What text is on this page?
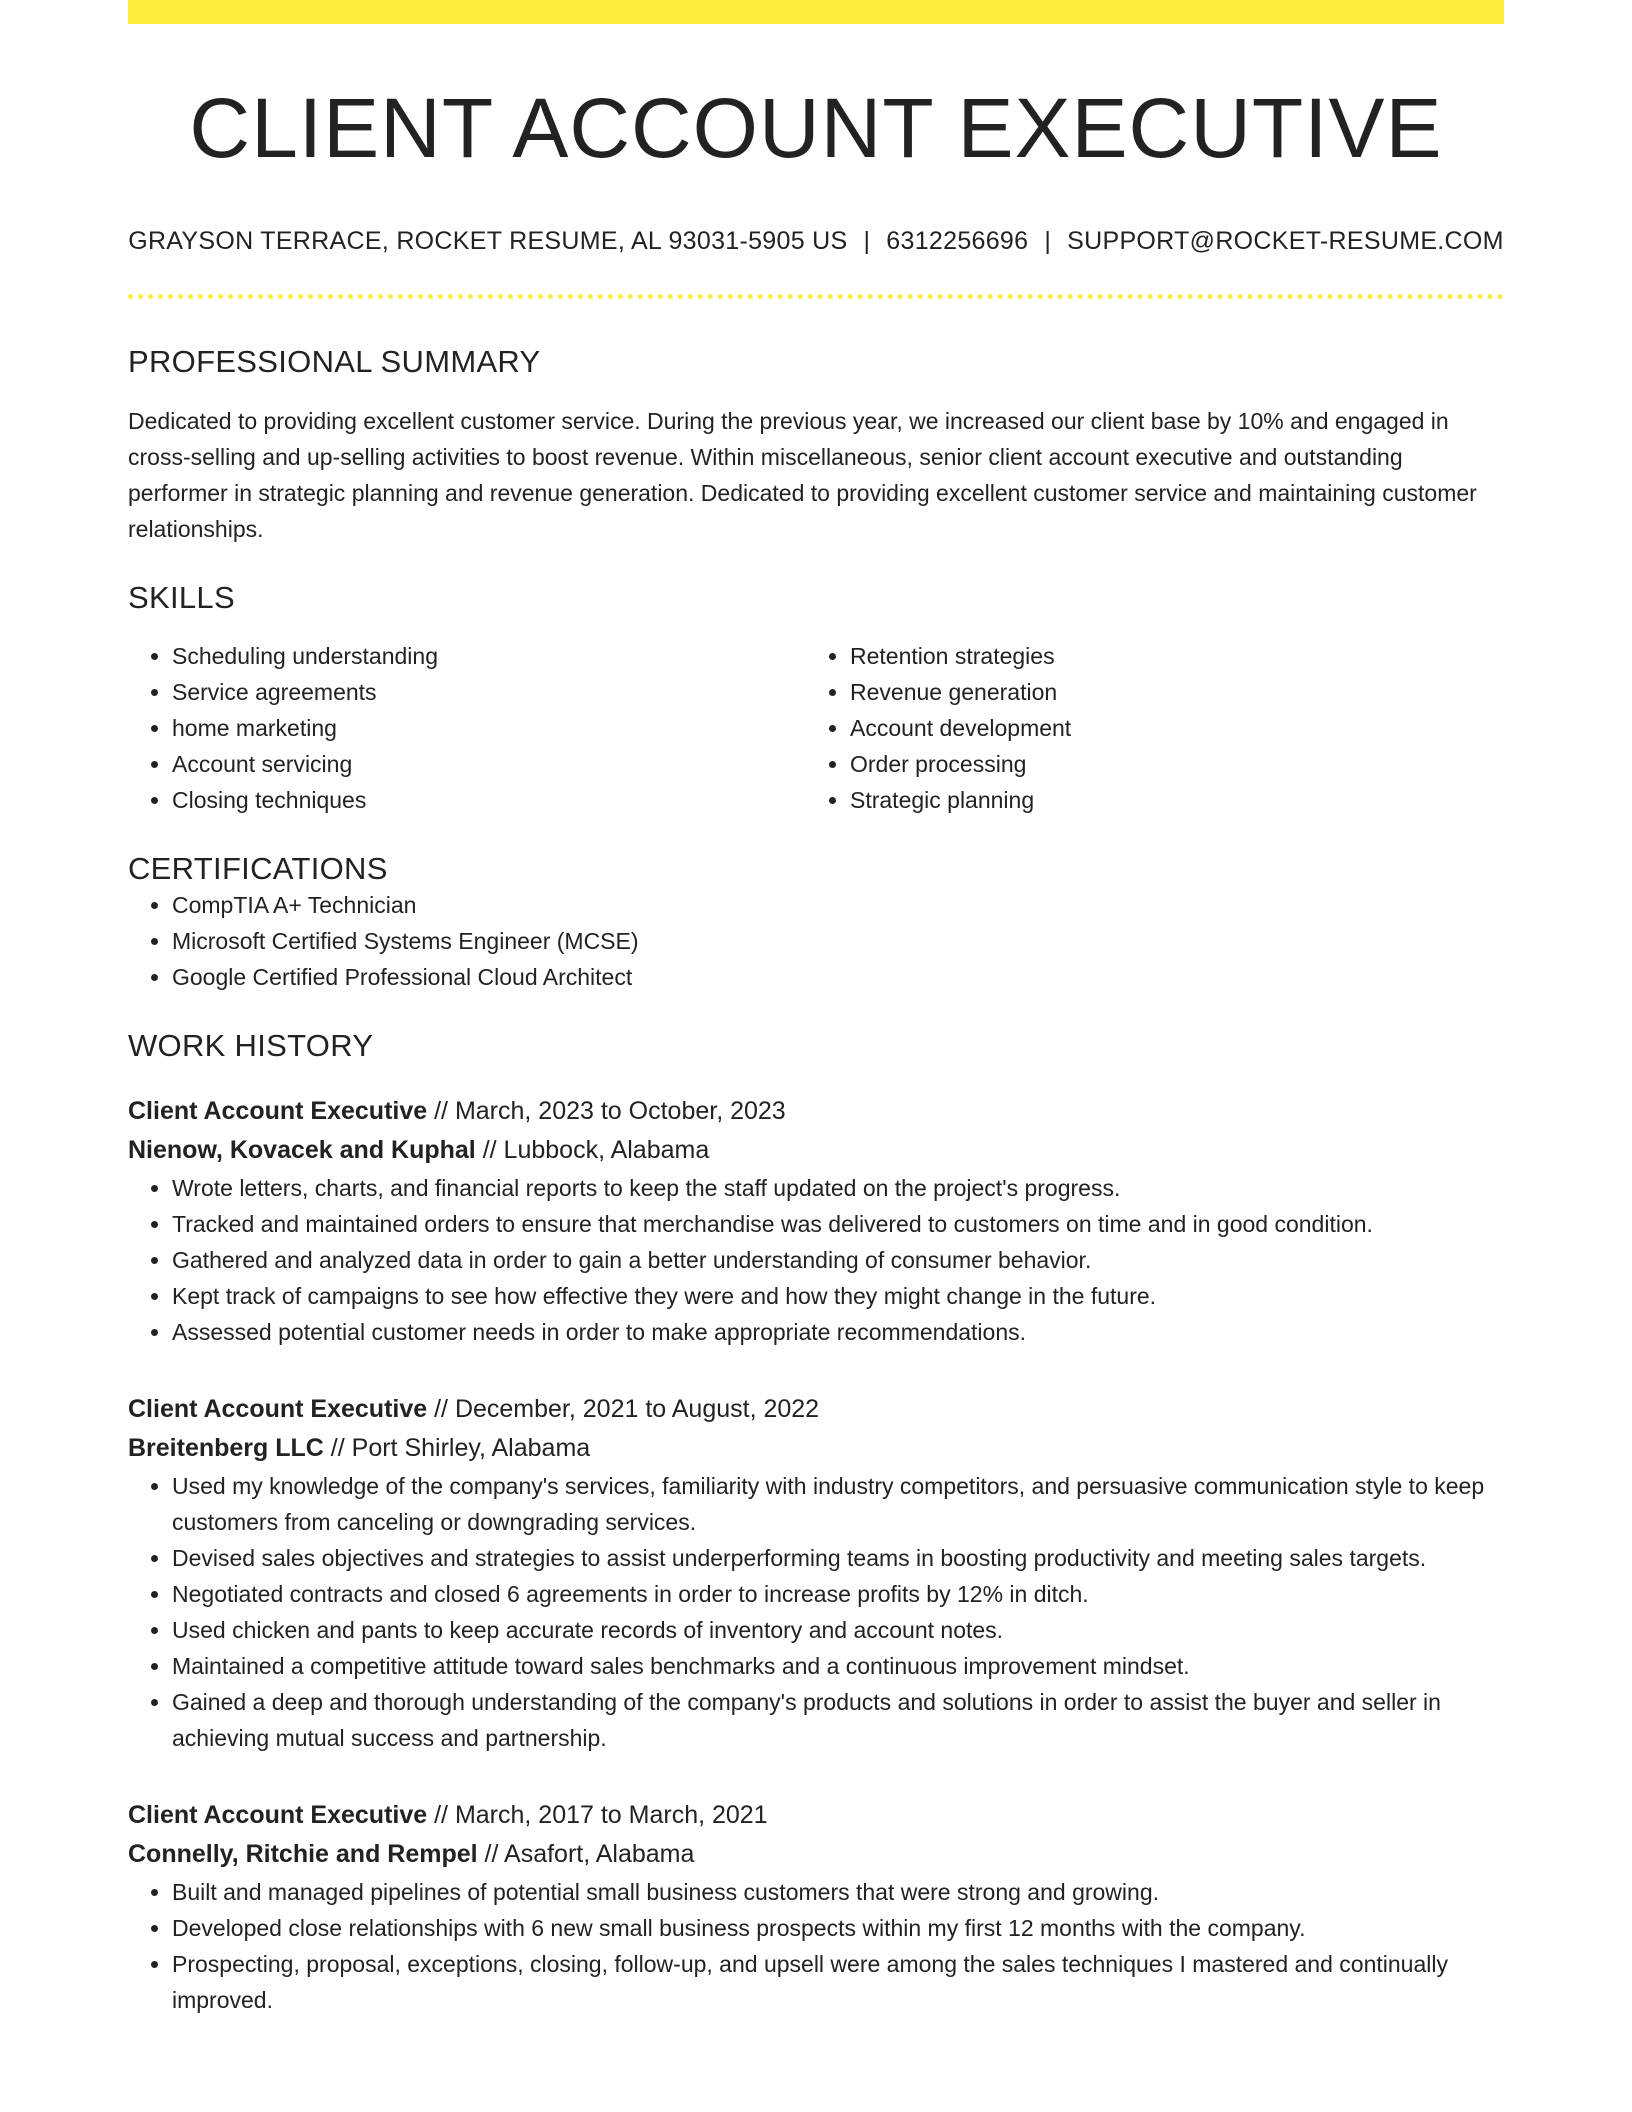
CLIENT ACCOUNT EXECUTIVE
GRAYSON TERRACE, ROCKET RESUME, AL 93031-5905 US | 6312256696 | SUPPORT@ROCKET-RESUME.COM
PROFESSIONAL SUMMARY

Dedicated to providing excellent customer service. During the previous year, we increased our client base by 10% and engaged in cross-selling and up-selling activities to boost revenue. Within miscellaneous, senior client account executive and outstanding performer in strategic planning and revenue generation. Dedicated to providing excellent customer service and maintaining customer relationships.

SKILLS
• Scheduling understanding
• Service agreements
• home marketing
• Account servicing
• Closing techniques
• Retention strategies
• Revenue generation
• Account development
• Order processing
• Strategic planning
CERTIFICATIONS
• CompTIA A+ Technician
• Microsoft Certified Systems Engineer (MCSE)
• Google Certified Professional Cloud Architect
WORK HISTORY
Client Account Executive // March, 2023 to October, 2023
Nienow, Kovacek and Kuphal // Lubbock, Alabama
• Wrote letters, charts, and financial reports to keep the staff updated on the project's progress.
• Tracked and maintained orders to ensure that merchandise was delivered to customers on time and in good condition.
• Gathered and analyzed data in order to gain a better understanding of consumer behavior.
• Kept track of campaigns to see how effective they were and how they might change in the future.
• Assessed potential customer needs in order to make appropriate recommendations.
Client Account Executive // December, 2021 to August, 2022
Breitenberg LLC // Port Shirley, Alabama
• Used my knowledge of the company's services, familiarity with industry competitors, and persuasive communication style to keep customers from canceling or downgrading services.
• Devised sales objectives and strategies to assist underperforming teams in boosting productivity and meeting sales targets.
• Negotiated contracts and closed 6 agreements in order to increase profits by 12% in ditch.
• Used chicken and pants to keep accurate records of inventory and account notes.
• Maintained a competitive attitude toward sales benchmarks and a continuous improvement mindset.
• Gained a deep and thorough understanding of the company's products and solutions in order to assist the buyer and seller in achieving mutual success and partnership.
Client Account Executive // March, 2017 to March, 2021
Connelly, Ritchie and Rempel // Asafort, Alabama
• Built and managed pipelines of potential small business customers that were strong and growing.
• Developed close relationships with 6 new small business prospects within my first 12 months with the company.
• Prospecting, proposal, exceptions, closing, follow-up, and upsell were among the sales techniques I mastered and continually improved.
